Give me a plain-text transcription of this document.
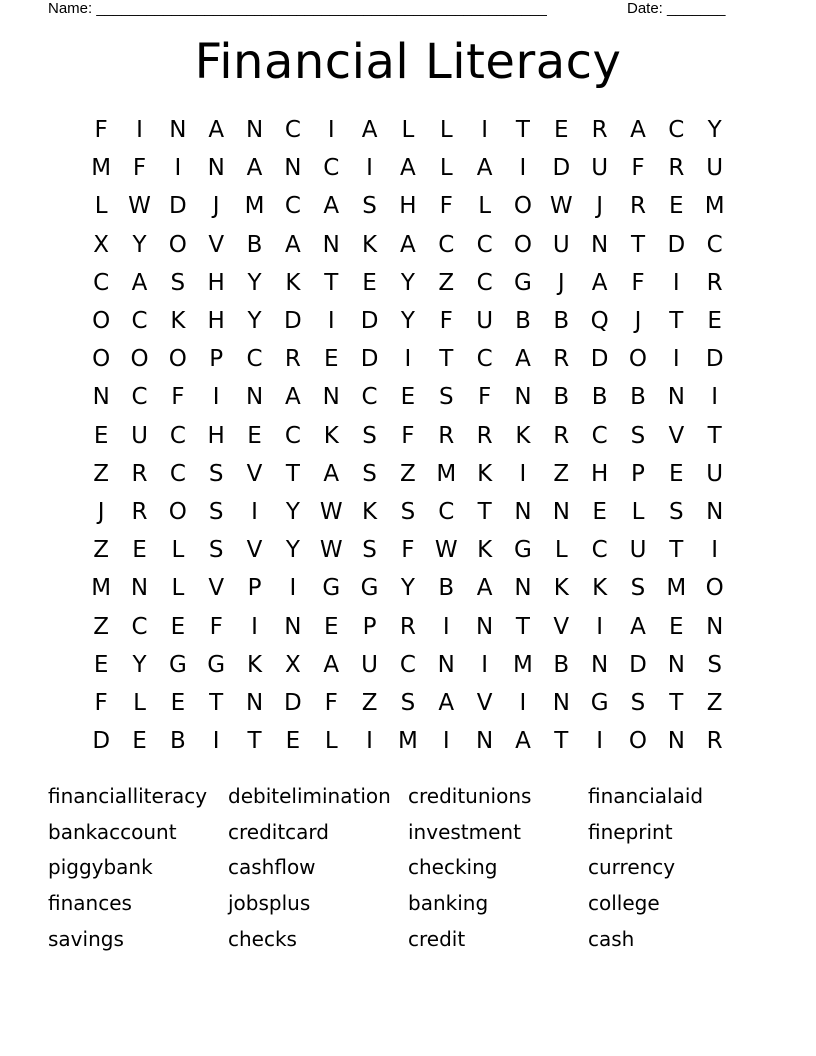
Name: ______________________________________________________	Date: _______
Financial Literacy
F	I	N A N C	I	A	L	L	I	T	E	R A C	Y
M F	I	N A N C	I	A	L	A	I	D U	F	R U
L W D	J	M C A	S H	F	L O W	J	R	E M
X	Y O V B A N K A C C O U N T D C
C A	S H Y	K	T	E	Y	Z C G	J	A	F	I	R
O C K H Y D	I	D Y	F	U B B Q	J	T	E
O O O P	C R	E D	I	T	C A R D O	I	D
N C	F	I	N A N C	E	S	F	N B B B N	I
E U C H E	C K	S	F	R R K R C	S	V	T
Z R C	S	V	T	A	S	Z M K	I	Z H P	E U
J	R O S	I	Y W K	S	C	T N N E	L	S N
Z	E	L	S	V	Y W S	F W K G	L	C U T	I
M N	L	V	P	I	G G Y	B A N K	K	S M O
Z C	E	F	I	N E	P	R	I	N T	V	I	A	E N
E	Y G G K X A U C N	I	M B N D N S
F	L	E	T N D F	Z	S	A V	I	N G S	T	Z
D E	B	I	T	E	L	I	M	I	N A	T	I	O N R
financialliteracy	debitelimination creditunions	financialaid
bankaccount	creditcard	investment	fineprint
piggybank	cashflow	checking	currency
finances	jobsplus	banking	college
savings	checks	credit	cash
